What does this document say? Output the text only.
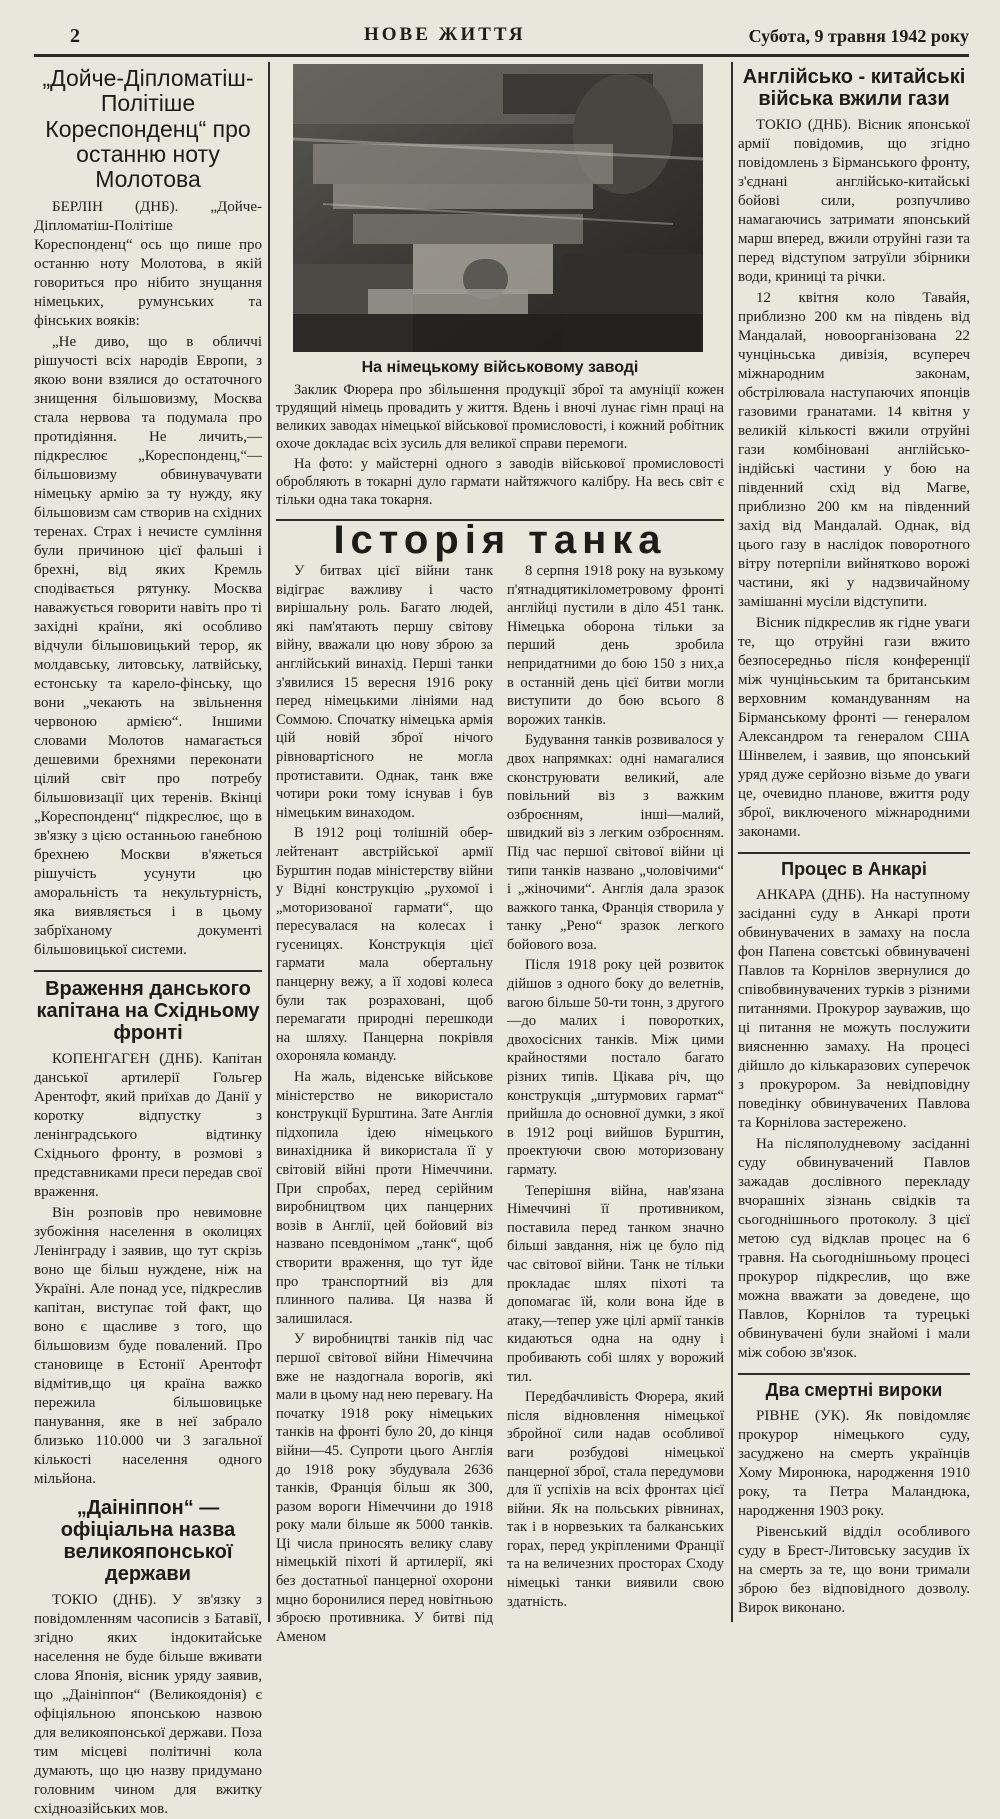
2	НОВЕ ЖИТТЯ	Субота, 9 травня 1942 року
„Дойче-Діпломатіш-Політіше Кореспонденц“ про останню ноту Молотова

БЕРЛІН (ДНБ). „Дойче-Діпломатіш-Політіше Кореспонденц“ ось що пише про останню ноту Молотова, в якій говориться про нібито знущання німецьких, румунських та фінських вояків:

„Не диво, що в обличчі рішучості всіх народів Европи, з якою вони взялися до остаточного знищення більшовизму, Москва стала нервова та подумала про протидіяння. Не личить,—підкреслює „Кореспонденц,“—більшовизму обвинувачувати німецьку армію за ту нужду, яку більшовизм сам створив на східних теренах. Страх і нечисте сумління були причиною цієї фальші і брехні, від яких Кремль сподівається рятунку. Москва наважується говорити навіть про ті західні країни, які особливо відчули більшовицький терор, як молдавську, литовську, латвійську, естонську та карело-фінську, що вони „чекають на звільнення червоною армією“. Іншими словами Молотов намагається дешевими брехнями переконати цілий світ про потребу більшовизації цих теренів. Вкінці „Кореспонденц“ підкреслює, що в зв'язку з цією останньою ганебною брехнею Москви в'яжеться рішучість усунути цю аморальність та некультурність, яка виявляється і в цьому забрїханому документі більшовицької системи.

Враження данського капітана на Східньому фронті

КОПЕНГАГЕН (ДНБ). Капітан данської артилерії Гольгер Арентофт, який приїхав до Данії у коротку відпустку з ленінградського відтинку Східнього фронту, в розмові з представниками преси передав свої враження.

Він розповів про невимовне зубожіння населення в околицях Ленінграду і заявив, що тут скрізь воно ще більш нуждене, ніж на Україні. Але понад усе, підкреслив капітан, виступає той факт, що воно є щасливе з того, що більшовизм буде повалений. Про становище в Естонії Арентофт відмітив,що ця країна важко пережила більшовицьке панування, яке в неї забрало близько 110.000 чи 3 загальної кількості населення одного мільйона.

„Даініппон“ — офіціальна назва великояпонської держави

ТОКІО (ДНБ). У зв'язку з повідомленням часописів з Батавії, згідно яких індокитайське населення не буде більше вживати слова Японія, вісник уряду заявив, що „Даініппон“ (Великоядонія) є офіціяльною японською назвою для великояпонської держави. Поза тим місцеві політичні кола думають, що цю назву придумано головним чином для вжитку східноазійських мов.

На німецькому військовому заводі

Заклик Фюрера про збільшення продукції зброї та амуніції кожен трудящий німець провадить у життя. Вдень і вночі лунає гімн праці на великих заводах німецької військової промисловості, і кожний робітник охоче докладає всіх зусиль для великої справи перемоги.

На фото: у майстерні одного з заводів військової промисловості обробляють в токарні дуло гармати найтяжчого калібру. На весь світ є тільки одна така токарня.

Історія танка

У битвах цієї війни танк відіграє важливу і часто вирішальну роль. Багато людей, які пам'ятають першу світову війну, вважали цю нову зброю за англійський винахід. Перші танки з'явилися 15 вересня 1916 року перед німецькими лініями над Соммою. Спочатку німецька армія цій новій зброї нічого рівновартісного не могла протиставити. Однак, танк вже чотири роки тому існував і був німецьким винаходом.

В 1912 році толішній обер-лейтенант австрійської армії Бурштин подав міністерству війни у Відні конструкцію „рухомої і „моторизованої гармати“, що пересувалася на колесах і гусеницях. Конструкція цієї гармати мала обертальну панцерну вежу, а її ходові колеса були так розраховані, щоб перемагати природні перешкоди на шляху. Панцерна покрівля охороняла команду.

На жаль, віденське військове міністерство не використало конструкції Бурштина. Зате Англія підхопила ідею німецького винахідника й використала її у світовій війні проти Німеччини. При спробах, перед серійним виробництвом цих панцерних возів в Англії, цей бойовий віз названо псевдонімом „танк“, щоб створити враження, що тут йде про транспортний віз для плинного палива. Ця назва й залишилася.

У виробництві танків під час першої світової війни Німеччина вже не наздогнала ворогів, які мали в цьому над нею перевагу. На початку 1918 року німецьких танків на фронті було 20, до кінця війни—45. Супроти цього Англія до 1918 року збудувала 2636 танків, Франція більш як 300, разом вороги Німеччини до 1918 року мали більше як 5000 танків. Ці числа приносять велику славу німецькій піхоті й артилерії, які без достатньої панцерної охорони мцно боронилися перед новітньою зброєю противника. У битві під Аменом

8 серпня 1918 року на вузькому п'ятнадцятикілометровому фронті англійці пустили в діло 451 танк. Німецька оборона тільки за перший день зробила непридатними до бою 150 з них,а в останній день цієї битви могли виступити до бою всього 8 ворожих танків.

Будування танків розвивалося у двох напрямках: одні намагалися сконструювати великий, але повільний віз з важким озброєнням, інші—малий, швидкий віз з легким озброєнням. Під час першої світової війни ці типи танків названо „чоловічими“ і „жіночими“. Англія дала зразок важкого танка, Франція створила у танку „Рено“ зразок легкого бойового воза.

Після 1918 року цей розвиток дійшов з одного боку до велетнів, вагою більше 50-ти тонн, з другого—до малих і поворотких, двохосісних танків. Між цими крайностями постало багато різних типів. Цікава річ, що конструкція „штурмових гармат“ прийшла до основної думки, з якої в 1912 році вийшов Бурштин, проектуючи свою моторизовану гармату.

Теперішня війна, нав'язана Німеччині її противником, поставила перед танком значно більші завдання, ніж це було під час світової війни. Танк не тільки прокладає шлях піхоті та допомагає їй, коли вона йде в атаку,—тепер уже цілі армії танків кидаються одна на одну і пробивають собі шлях у ворожий тил.

Передбачливість Фюрера, який після відновлення німецької збройної сили надав особливої ваги розбудові німецької панцерної зброї, стала передумови для її успіхів на всіх фронтах цієї війни. Як на польських рівнинах, так і в норвезьких та балканських горах, перед укріпленими Франції та на величезних просторах Сходу німецькі танки виявили свою здатність.

Англійсько - китайські війська вжили гази

ТОКІО (ДНБ). Вісник японської армії повідомив, що згідно повідомлень з Бірманського фронту, з'єднані англійсько-китайські бойові сили, розпучливо намагаючись затримати японський марш вперед, вжили отруйні гази та перед відступом затруїли збірники води, криниці та річки.

12 квітня коло Тавайя, приблизно 200 км на південь від Мандалай, новоорганізована 22 чунціньська дивізія, всупереч міжнародним законам, обстрілювала наступаючих японців газовими гранатами. 14 квітня у великій кількості вжили отруйні гази комбіновані англійсько-індійські частини у бою на південний схід від Магве, приблизно 200 км на південний захід від Мандалай. Однак, від цього газу в наслідок поворотного вітру потерпіли вийнятково ворожі частини, які у надзвичайному замішанні мусіли відступити.

Вісник підкреслив як гідне уваги те, що отруйні гази вжито безпосередньо після конференції між чунціньським та британським верховним командуванням на Бірманському фронті — генералом Александром та генералом США Шінвелем, і заявив, що японський уряд дуже серйозно візьме до уваги це, очевидно планове, вжиття роду зброї, виключеного міжнародними законами.

Процес в Анкарі

АНКАРА (ДНБ). На наступному засіданні суду в Анкарі проти обвинувачених в замаху на посла фон Папена совєтські обвинувачені Павлов та Корнілов звернулися до співобвинувачених турків з різними питаннями. Прокурор зауважив, що ці питання не можуть послужити виясненню замаху. На процесі дійшло до кількаразових суперечок з прокурором. За невідповідну поведінку обвинувачених Павлова та Корнілова застережено.

На післяполудневому засіданні суду обвинувачений Павлов зажадав дослівного перекладу вчорашніх зізнань свідків та сьогоднішнього протоколу. З цієї метою суд відклав процес на 6 травня. На сьогоднішньому процесі прокурор підкреслив, що вже можна вважати за доведене, що Павлов, Корнілов та турецькі обвинувачені були знайомі і мали між собою зв'язок.

Два смертні вироки

РІВНЕ (УК). Як повідомляє прокурор німецького суду, засуджено на смерть українців Хому Миронюка, народження 1910 року, та Петра Маландюка, народження 1903 року.

Рівенський відділ особливого суду в Брест-Литовську засудив їх на смерть за те, що вони тримали зброю без відповідного дозволу. Вирок виконано.
